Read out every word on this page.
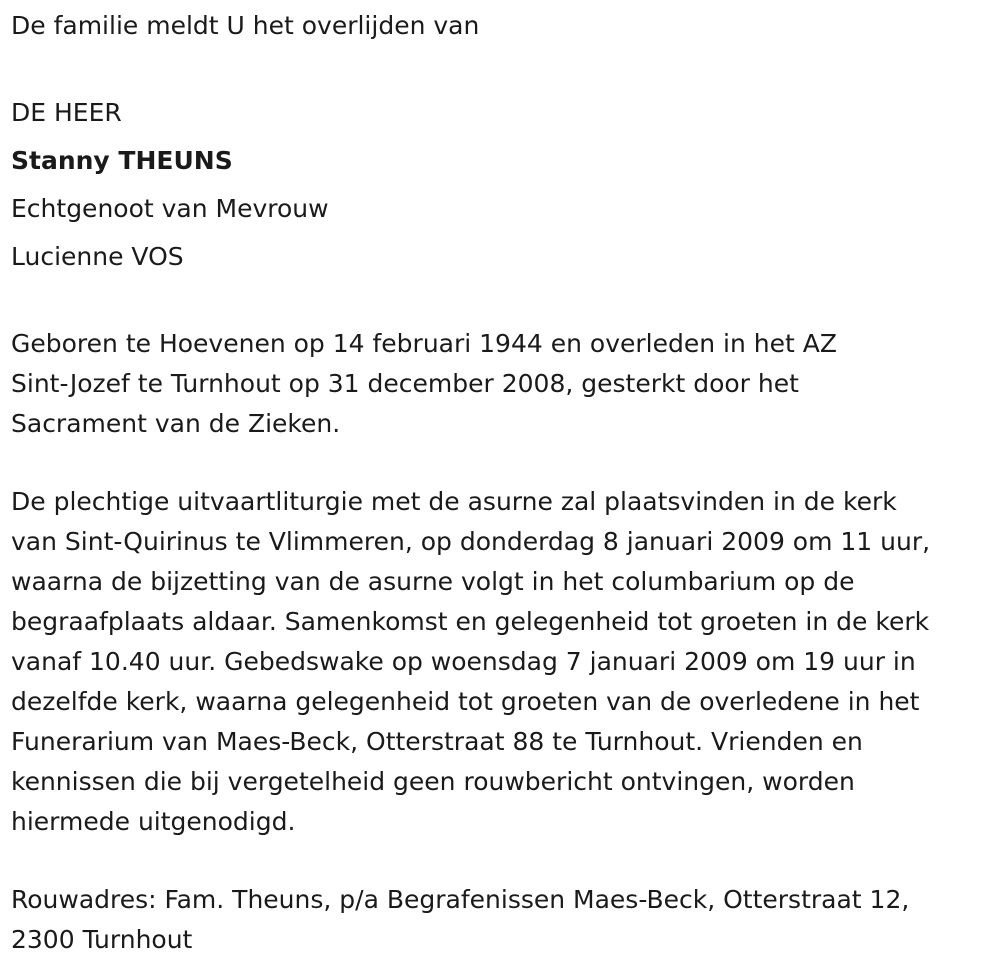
De familie meldt U het overlijden van

DE HEER

Stanny THEUNS

Echtgenoot van Mevrouw

Lucienne VOS

Geboren te Hoevenen op 14 februari 1944 en overleden in het AZ

Sint-Jozef te Turnhout op 31 december 2008, gesterkt door het

Sacrament van de Zieken.

De plechtige uitvaartliturgie met de asurne zal plaatsvinden in de kerk

van Sint-Quirinus te Vlimmeren, op donderdag 8 januari 2009 om 11 uur,

waarna de bijzetting van de asurne volgt in het columbarium op de

begraafplaats aldaar. Samenkomst en gelegenheid tot groeten in de kerk

vanaf 10.40 uur. Gebedswake op woensdag 7 januari 2009 om 19 uur in

dezelfde kerk, waarna gelegenheid tot groeten van de overledene in het

Funerarium van Maes-Beck, Otterstraat 88 te Turnhout. Vrienden en

kennissen die bij vergetelheid geen rouwbericht ontvingen, worden

hiermede uitgenodigd.

Rouwadres: Fam. Theuns, p/a Begrafenissen Maes-Beck, Otterstraat 12,

2300 Turnhout
